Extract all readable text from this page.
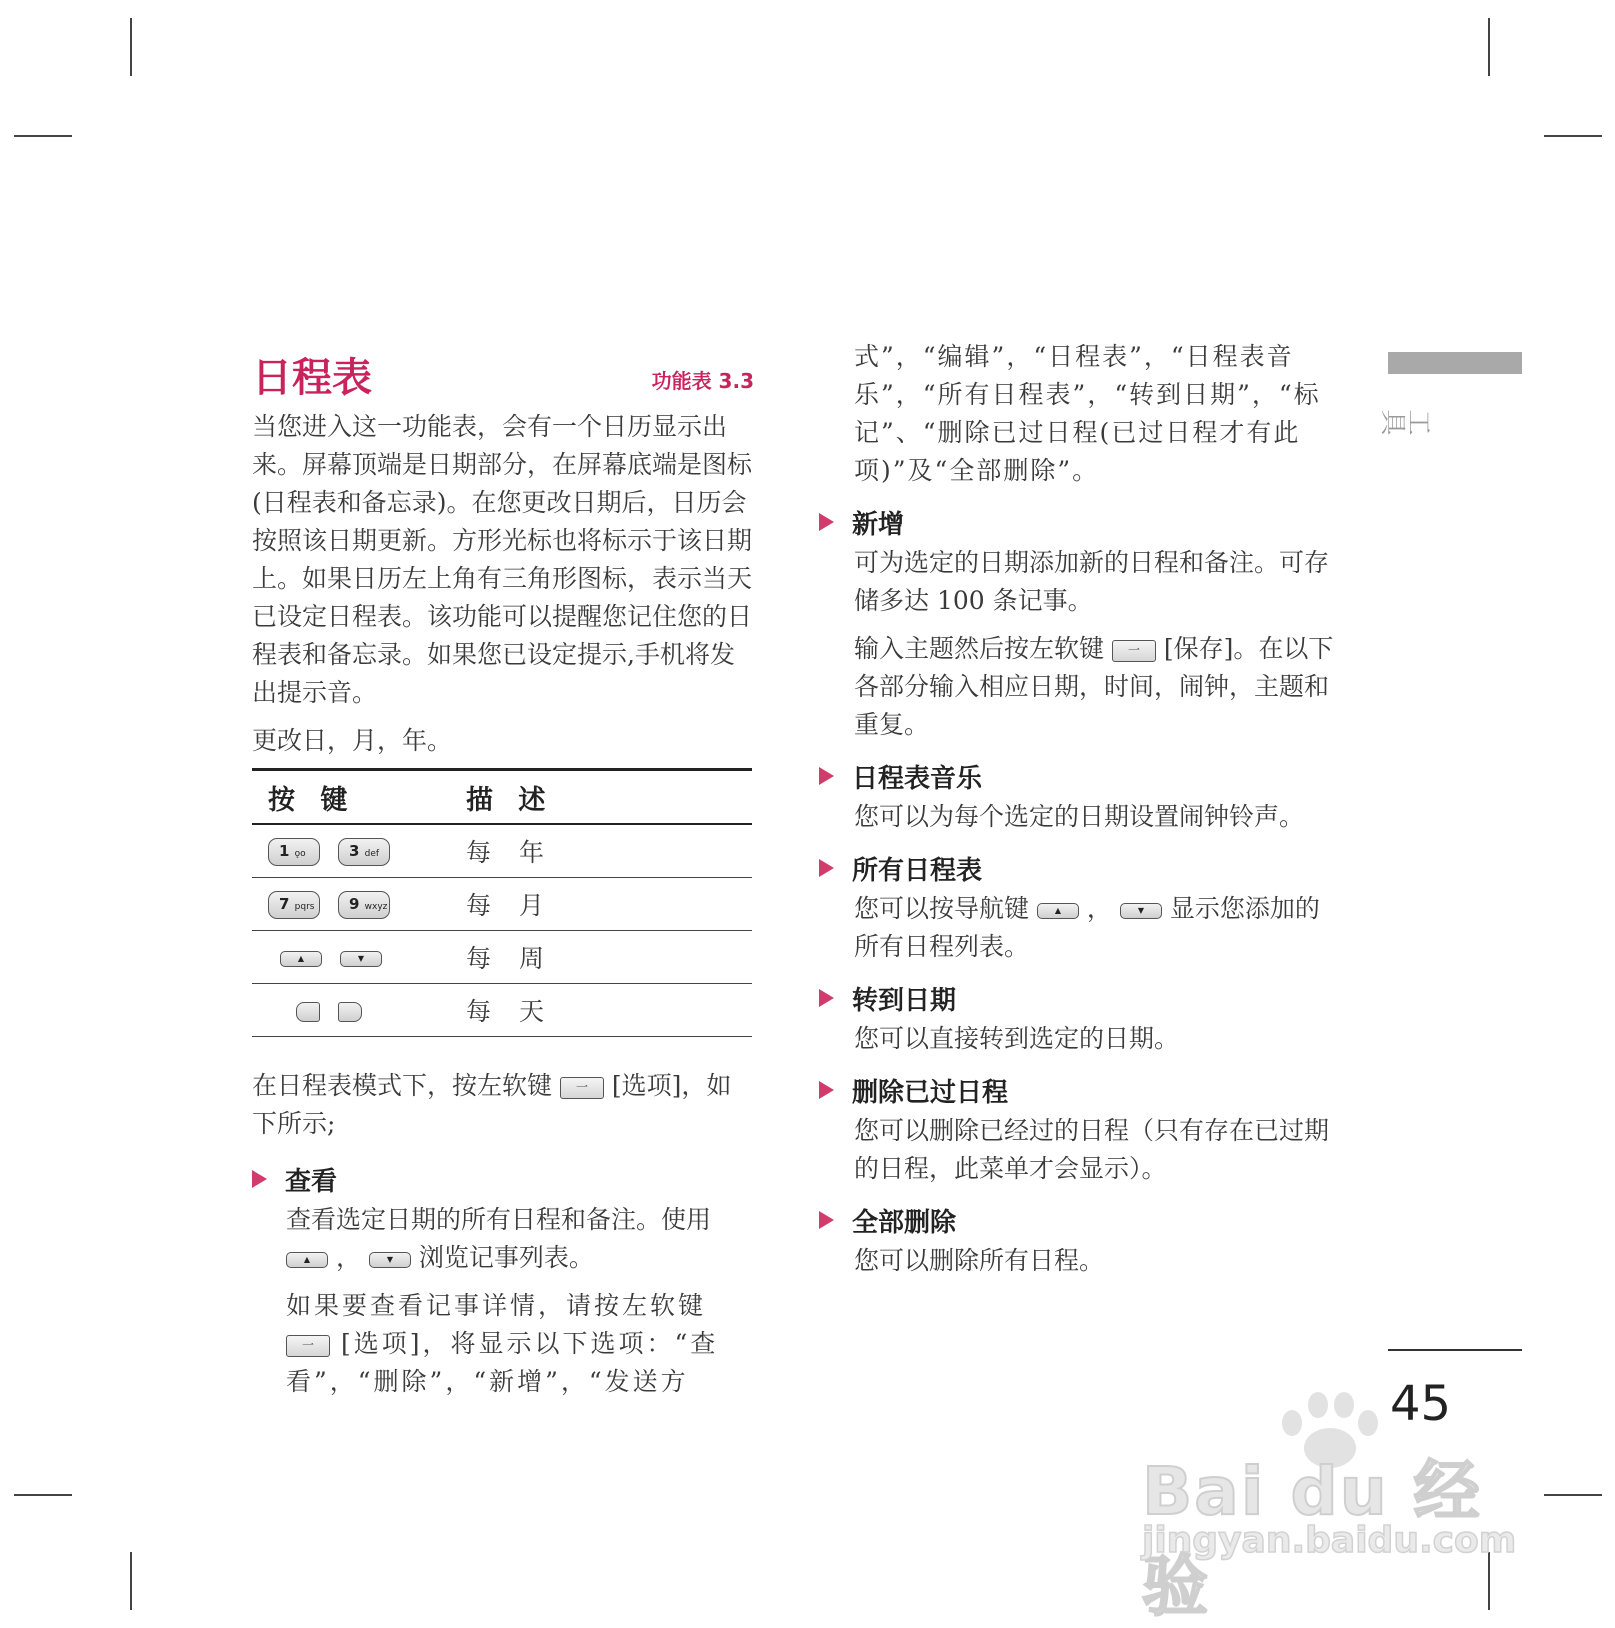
日程表	功能表 3.3

当您进入这一功能表，会有一个日历显示出来。屏幕顶端是日期部分，在屏幕底端是图标(日程表和备忘录)。在您更改日期后，日历会按照该日期更新。方形光标也将标示于该日期上。如果日历左上角有三角形图标，表示当天已设定日程表。该功能可以提醒您记住您的日程表和备忘录。如果您已设定提示,手机将发出提示音。

更改日，月，年。

按 键	描 述
1 ǫo 3 def	每 年
7 pqrs 9 wxyz	每 月
▲ ▼	每 周
	每 天

在日程表模式下，按左软键 一 [选项]，如下所示;

查看

查看选定日期的所有日程和备注。使用 ▲ ，	▼ 浏览记事列表。

如果要查看记事详情，请按左软键 一 [选项]，将显示以下选项：“查看”，“删除”，“新增”，“发送方

式”，“编辑”，“日程表”，“日程表音乐”，“所有日程表”，“转到日期”，“标记”、“删除已过日程(已过日程才有此项)”及“全部删除”。

新增

可为选定的日期添加新的日程和备注。可存储多达 100 条记事。

输入主题然后按左软键 一 [保存]。在以下各部分输入相应日期，时间，闹钟，主题和重复。

日程表音乐

您可以为每个选定的日期设置闹钟铃声。

所有日程表

您可以按导航键	▲ ，	▼ 显示您添加的所有日程列表。

转到日期

您可以直接转到选定的日期。

删除已过日程

您可以删除已经过的日程（只有存在已过期的日程，此菜单才会显示）。

全部删除

您可以删除所有日程。

工具
45
Bai du 经验
jingyan.baidu.com
